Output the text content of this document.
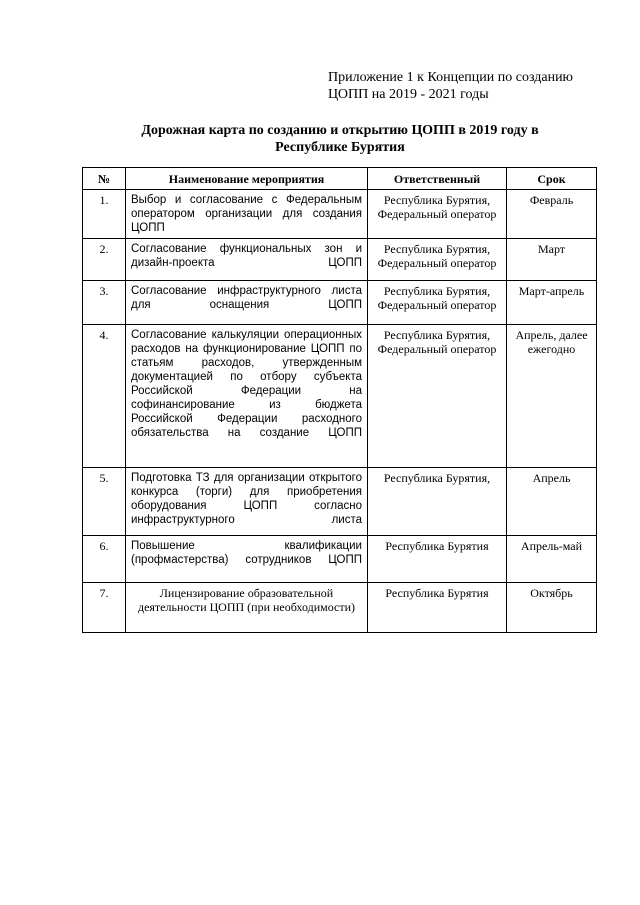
Приложение 1 к Концепции по созданию
ЦОПП на 2019 - 2021 годы
Дорожная карта по созданию и открытию ЦОПП в 2019 году в
Республике Бурятия
№	Наименование мероприятия	Ответственный	Срок
1.	Выбор и согласование с Федеральным оператором организации для создания ЦОПП	Республика Бурятия, Федеральный оператор	Февраль
2.	Согласование функциональных зон и дизайн-проекта ЦОПП	Республика Бурятия, Федеральный оператор	Март
3.	Согласование инфраструктурного листа для оснащения ЦОПП	Республика Бурятия, Федеральный оператор	Март-апрель
4.	Согласование калькуляции операционных расходов на функционирование ЦОПП по статьям расходов, утвержденным документацией по отбору субъекта Российской Федерации на софинансирование из бюджета Российской Федерации расходного обязательства на создание ЦОПП	Республика Бурятия, Федеральный оператор	Апрель, далее ежегодно
5.	Подготовка ТЗ для организации открытого конкурса (торги) для приобретения оборудования ЦОПП согласно инфраструктурного листа	Республика Бурятия,	Апрель
6.	Повышение квалификации (профмастерства) сотрудников ЦОПП	Республика Бурятия	Апрель-май
7.	Лицензирование образовательной деятельности ЦОПП (при необходимости)	Республика Бурятия	Октябрь
